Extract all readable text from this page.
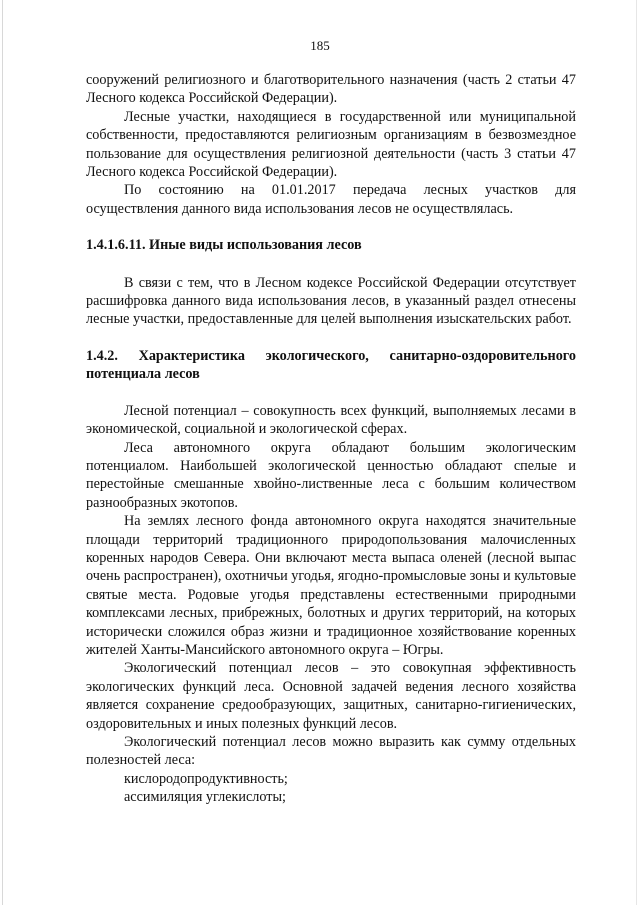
185

сооружений религиозного и благотворительного назначения (часть 2 статьи 47 Лесного кодекса Российской Федерации).

Лесные участки, находящиеся в государственной или муниципальной собственности, предоставляются религиозным организациям в безвозмездное пользование для осуществления религиозной деятельности (часть 3 статьи 47 Лесного кодекса Российской Федерации).

По состоянию на 01.01.2017 передача лесных участков для осуществления данного вида использования лесов не осуществлялась.

1.4.1.6.11. Иные виды использования лесов

В связи с тем, что в Лесном кодексе Российской Федерации отсутствует расшифровка данного вида использования лесов, в указанный раздел отнесены лесные участки, предоставленные для целей выполнения изыскательских работ.

1.4.2. Характеристика экологического, санитарно-оздоровительного потенциала лесов

Лесной потенциал – совокупность всех функций, выполняемых лесами в экономической, социальной и экологической сферах.

Леса автономного округа обладают большим экологическим потенциалом. Наибольшей экологической ценностью обладают спелые и перестойные смешанные хвойно-лиственные леса с большим количеством разнообразных экотопов.

На землях лесного фонда автономного округа находятся значительные площади территорий традиционного природопользования малочисленных коренных народов Севера. Они включают места выпаса оленей (лесной выпас очень распространен), охотничьи угодья, ягодно-промысловые зоны и культовые святые места. Родовые угодья представлены естественными природными комплексами лесных, прибрежных, болотных и других территорий, на которых исторически сложился образ жизни и традиционное хозяйствование коренных жителей Ханты-Мансийского автономного округа – Югры.

Экологический потенциал лесов – это совокупная эффективность экологических функций леса. Основной задачей ведения лесного хозяйства является сохранение средообразующих, защитных, санитарно-гигиенических, оздоровительных и иных полезных функций лесов.

Экологический потенциал лесов можно выразить как сумму отдельных полезностей леса:

кислородопродуктивность;

ассимиляция углекислоты;
